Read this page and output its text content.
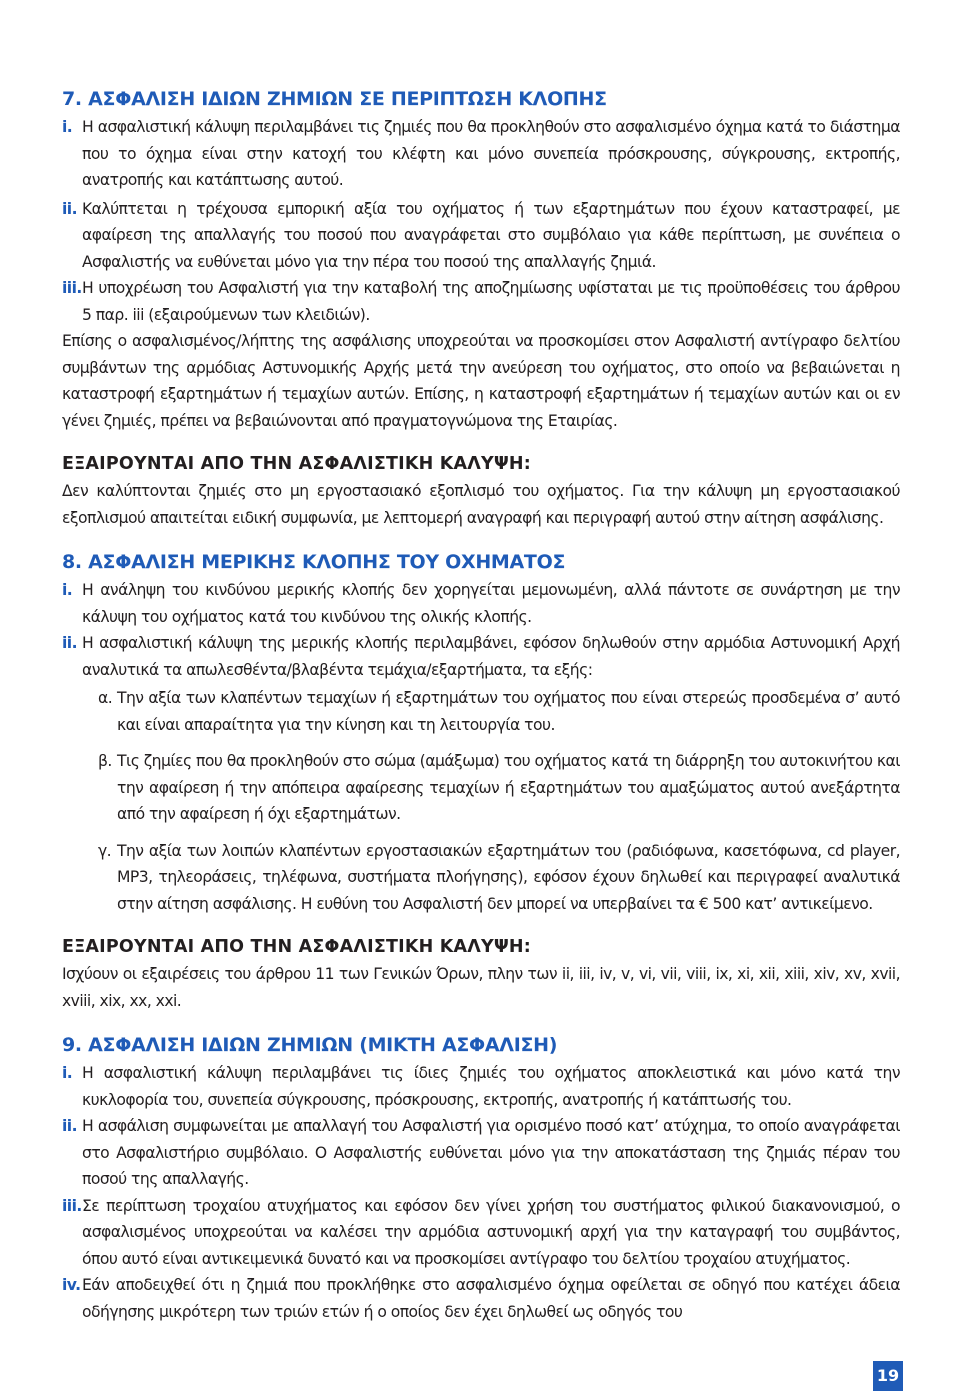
7. ΑΣΦΑΛΙΣΗ ΙΔΙΩΝ ΖΗΜΙΩΝ ΣΕ ΠΕΡΙΠΤΩΣΗ ΚΛΟΠΗΣ
i. Η ασφαλιστική κάλυψη περιλαμβάνει τις ζημιές που θα προκληθούν στο ασφαλισμένο όχημα κατά το διάστημα που το όχημα είναι στην κατοχή του κλέφτη και μόνο συνεπεία πρόσκρουσης, σύγκρουσης, εκτροπής, ανατροπής και κατάπτωσης αυτού.
ii. Καλύπτεται η τρέχουσα εμπορική αξία του οχήματος ή των εξαρτημάτων που έχουν καταστραφεί, με αφαίρεση της απαλλαγής του ποσού που αναγράφεται στο συμβόλαιο για κάθε περίπτωση, με συνέπεια ο Ασφαλιστής να ευθύνεται μόνο για την πέρα του ποσού της απαλλαγής ζημιά.
iii. Η υποχρέωση του Ασφαλιστή για την καταβολή της αποζημίωσης υφίσταται με τις προϋποθέσεις του άρθρου 5 παρ. iii (εξαιρούμενων των κλειδιών).

Επίσης ο ασφαλισμένος/λήπτης της ασφάλισης υποχρεούται να προσκομίσει στον Ασφαλιστή αντίγραφο δελτίου συμβάντων της αρμόδιας Αστυνομικής Αρχής μετά την ανεύρεση του οχήματος, στο οποίο να βεβαιώνεται η καταστροφή εξαρτημάτων ή τεμαχίων αυτών. Επίσης, η καταστροφή εξαρτημάτων ή τεμαχίων αυτών και οι εν γένει ζημιές, πρέπει να βεβαιώνονται από πραγματογνώμονα της Εταιρίας.

ΕΞΑΙΡΟΥΝΤΑΙ ΑΠΟ ΤΗΝ ΑΣΦΑΛΙΣΤΙΚΗ ΚΑΛΥΨΗ:

Δεν καλύπτονται ζημιές στο μη εργοστασιακό εξοπλισμό του οχήματος. Για την κάλυψη μη εργοστασιακού εξοπλισμού απαιτείται ειδική συμφωνία, με λεπτομερή αναγραφή και περιγραφή αυτού στην αίτηση ασφάλισης.

8. ΑΣΦΑΛΙΣΗ ΜΕΡΙΚΗΣ ΚΛΟΠΗΣ ΤΟΥ ΟΧΗΜΑΤΟΣ
i. Η ανάληψη του κινδύνου μερικής κλοπής δεν χορηγείται μεμονωμένη, αλλά πάντοτε σε συνάρτηση με την κάλυψη του οχήματος κατά του κινδύνου της ολικής κλοπής.
ii. Η ασφαλιστική κάλυψη της μερικής κλοπής περιλαμβάνει, εφόσον δηλωθούν στην αρμόδια Αστυνομική Αρχή αναλυτικά τα απωλεσθέντα/βλαβέντα τεμάχια/εξαρτήματα, τα εξής:
α. Την αξία των κλαπέντων τεμαχίων ή εξαρτημάτων του οχήματος που είναι στερεώς προσδεμένα σ’ αυτό και είναι απαραίτητα για την κίνηση και τη λειτουργία του.
β. Τις ζημίες που θα προκληθούν στο σώμα (αμάξωμα) του οχήματος κατά τη διάρρηξη του αυτοκινήτου και την αφαίρεση ή την απόπειρα αφαίρεσης τεμαχίων ή εξαρτημάτων του αμαξώματος αυτού ανεξάρτητα από την αφαίρεση ή όχι εξαρτημάτων.
γ. Την αξία των λοιπών κλαπέντων εργοστασιακών εξαρτημάτων του (ραδιόφωνα, κασετόφωνα, cd player, MP3, τηλεοράσεις, τηλέφωνα, συστήματα πλοήγησης), εφόσον έχουν δηλωθεί και περιγραφεί αναλυτικά στην αίτηση ασφάλισης. Η ευθύνη του Ασφαλιστή δεν μπορεί να υπερβαίνει τα € 500 κατ’ αντικείμενο.
ΕΞΑΙΡΟΥΝΤΑΙ ΑΠΟ ΤΗΝ ΑΣΦΑΛΙΣΤΙΚΗ ΚΑΛΥΨΗ:

Ισχύουν οι εξαιρέσεις του άρθρου 11 των Γενικών Όρων, πλην των ii, iii, iv, v, vi, vii, viii, ix, xi, xii, xiii, xiv, xv, xvii, xviii, xix, xx, xxi.

9. ΑΣΦΑΛΙΣΗ ΙΔΙΩΝ ΖΗΜΙΩΝ (ΜΙΚΤΗ ΑΣΦΑΛΙΣΗ)
i. Η ασφαλιστική κάλυψη περιλαμβάνει τις ίδιες ζημιές του οχήματος αποκλειστικά και μόνο κατά την κυκλοφορία του, συνεπεία σύγκρουσης, πρόσκρουσης, εκτροπής, ανατροπής ή κατάπτωσής του.
ii. Η ασφάλιση συμφωνείται με απαλλαγή του Ασφαλιστή για ορισμένο ποσό κατ’ ατύχημα, το οποίο αναγράφεται στο Ασφαλιστήριο συμβόλαιο. Ο Ασφαλιστής ευθύνεται μόνο για την αποκατάσταση της ζημιάς πέραν του ποσού της απαλλαγής.
iii. Σε περίπτωση τροχαίου ατυχήματος και εφόσον δεν γίνει χρήση του συστήματος φιλικού διακανονισμού, ο ασφαλισμένος υποχρεούται να καλέσει την αρμόδια αστυνομική αρχή για την καταγραφή του συμβάντος, όπου αυτό είναι αντικειμενικά δυνατό και να προσκομίσει αντίγραφο του δελτίου τροχαίου ατυχήματος.
iv. Εάν αποδειχθεί ότι η ζημιά που προκλήθηκε στο ασφαλισμένο όχημα οφείλεται σε οδηγό που κατέχει άδεια οδήγησης μικρότερη των τριών ετών ή ο οποίος δεν έχει δηλωθεί ως οδηγός του
19
